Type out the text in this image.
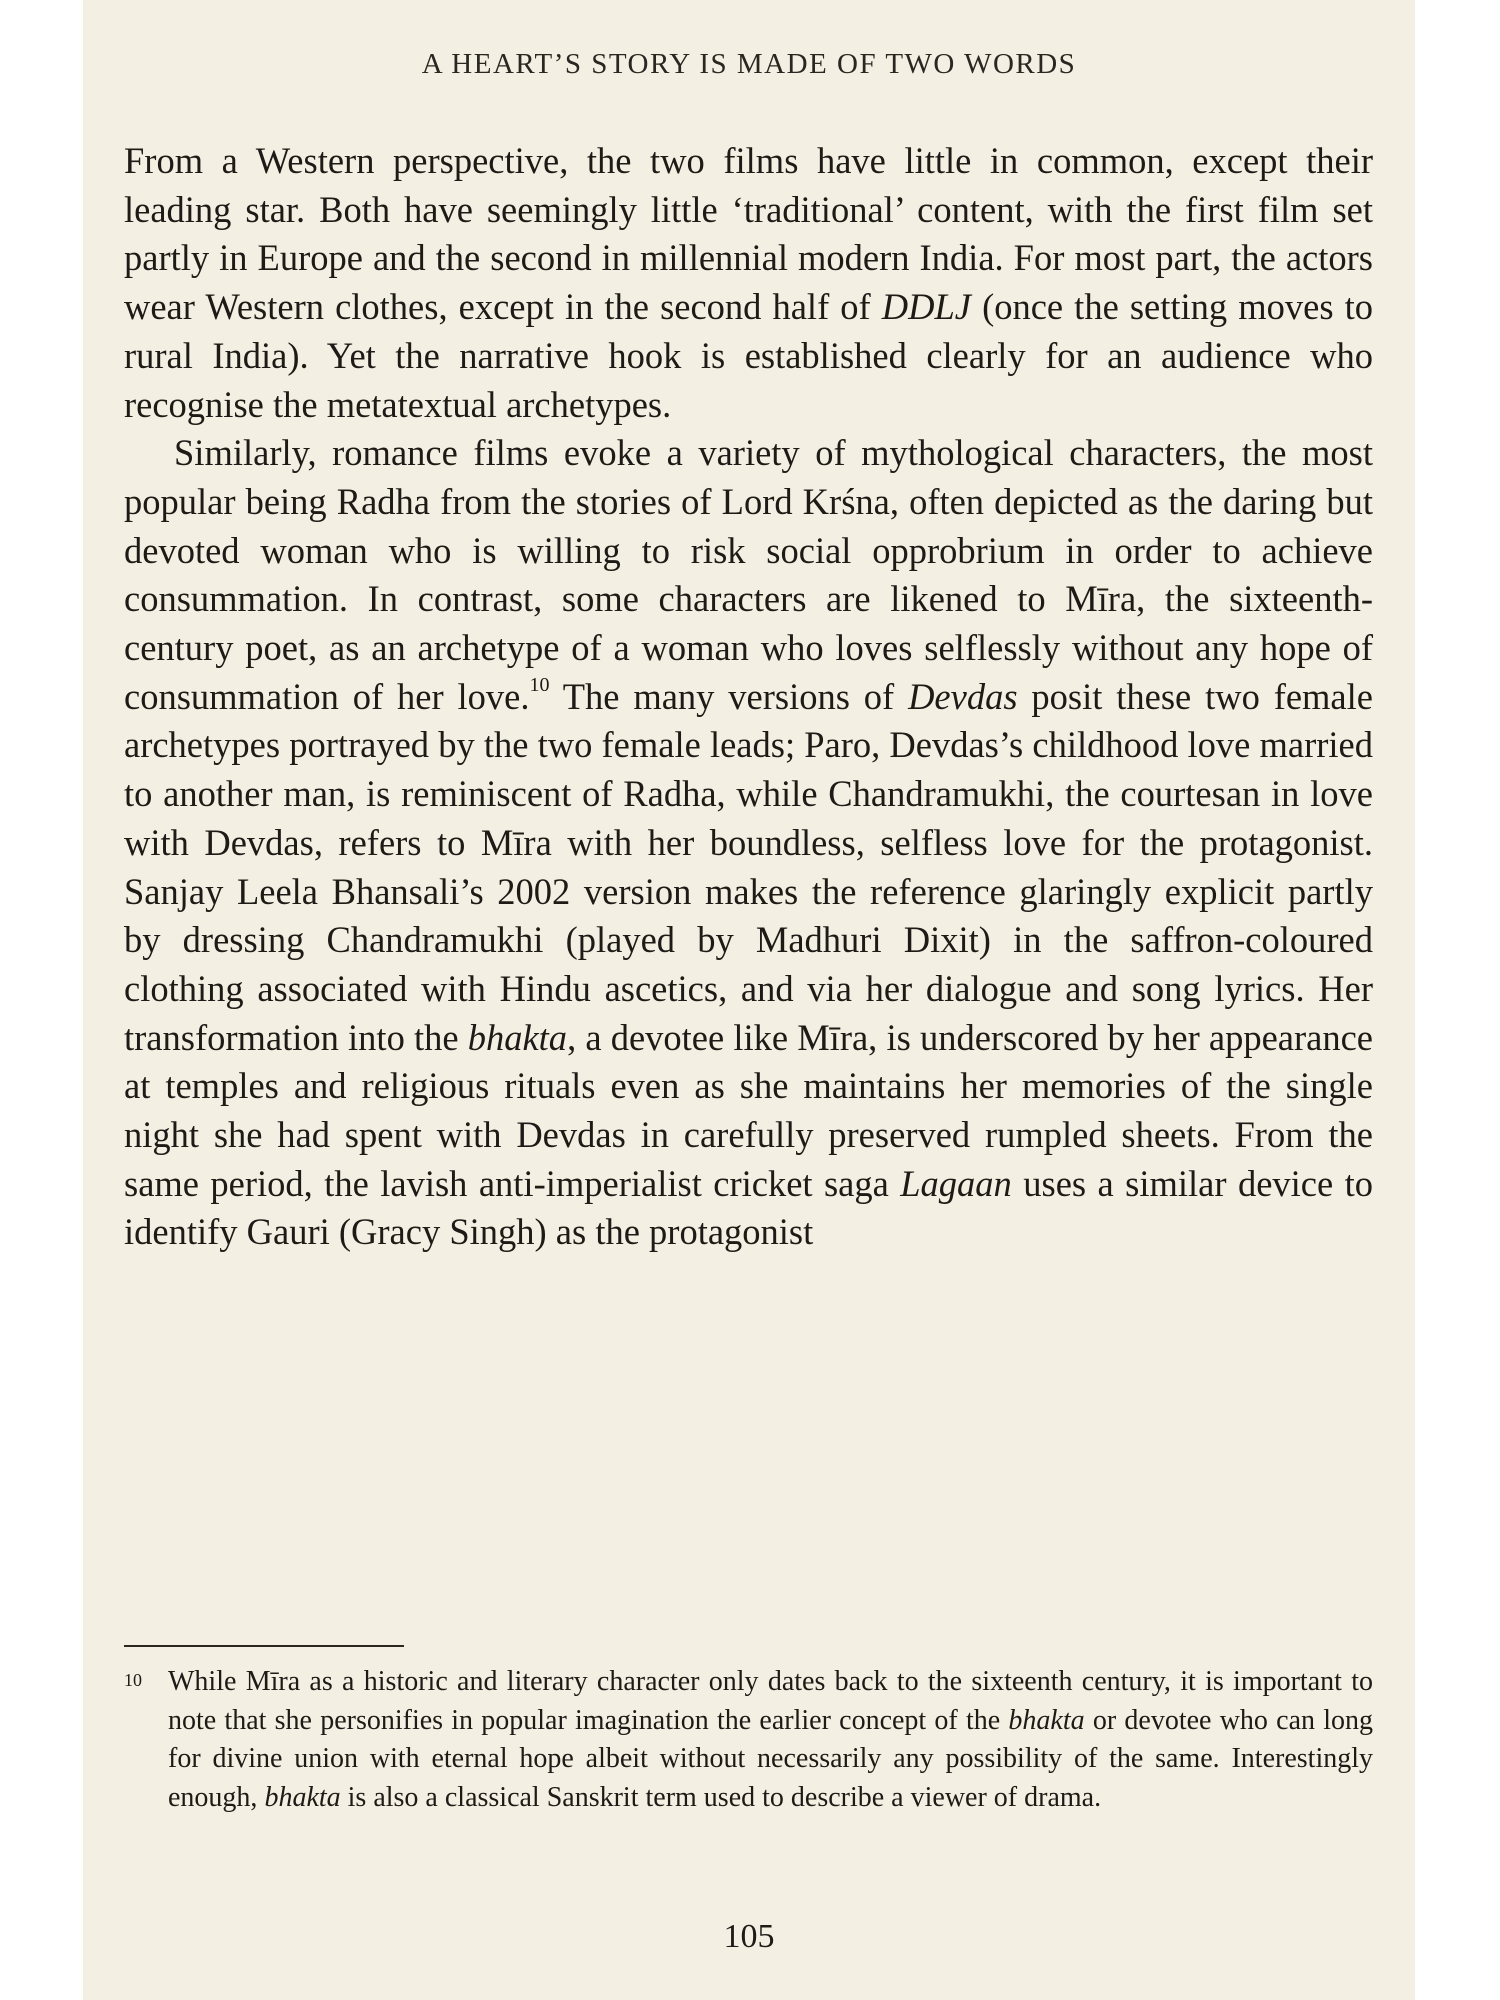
A HEART’S STORY IS MADE OF TWO WORDS

From a Western perspective, the two films have little in common, except their leading star. Both have seemingly little ‘traditional’ content, with the first film set partly in Europe and the second in millennial modern India. For most part, the actors wear Western clothes, except in the second half of DDLJ (once the setting moves to rural India). Yet the narrative hook is established clearly for an audience who recognise the metatextual archetypes.

Similarly, romance films evoke a variety of mythological characters, the most popular being Radha from the stories of Lord Krśna, often depicted as the daring but devoted woman who is willing to risk social opprobrium in order to achieve consummation. In contrast, some characters are likened to Mīra, the sixteenth-century poet, as an archetype of a woman who loves selflessly without any hope of consummation of her love.$^{10}$ The many versions of Devdas posit these two female archetypes portrayed by the two female leads; Paro, Devdas’s childhood love married to another man, is reminiscent of Radha, while Chandramukhi, the courtesan in love with Devdas, refers to Mīra with her boundless, selfless love for the protagonist. Sanjay Leela Bhansali’s 2002 version makes the reference glaringly explicit partly by dressing Chandramukhi (played by Madhuri Dixit) in the saffron-coloured clothing associated with Hindu ascetics, and via her dialogue and song lyrics. Her transformation into the bhakta, a devotee like Mīra, is underscored by her appearance at temples and religious rituals even as she maintains her memories of the single night she had spent with Devdas in carefully preserved rumpled sheets. From the same period, the lavish anti-imperialist cricket saga Lagaan uses a similar device to identify Gauri (Gracy Singh) as the protagonist

10 While Mīra as a historic and literary character only dates back to the sixteenth century, it is important to note that she personifies in popular imagination the earlier concept of the bhakta or devotee who can long for divine union with eternal hope albeit without necessarily any possibility of the same. Interestingly enough, bhakta is also a classical Sanskrit term used to describe a viewer of drama.
105
